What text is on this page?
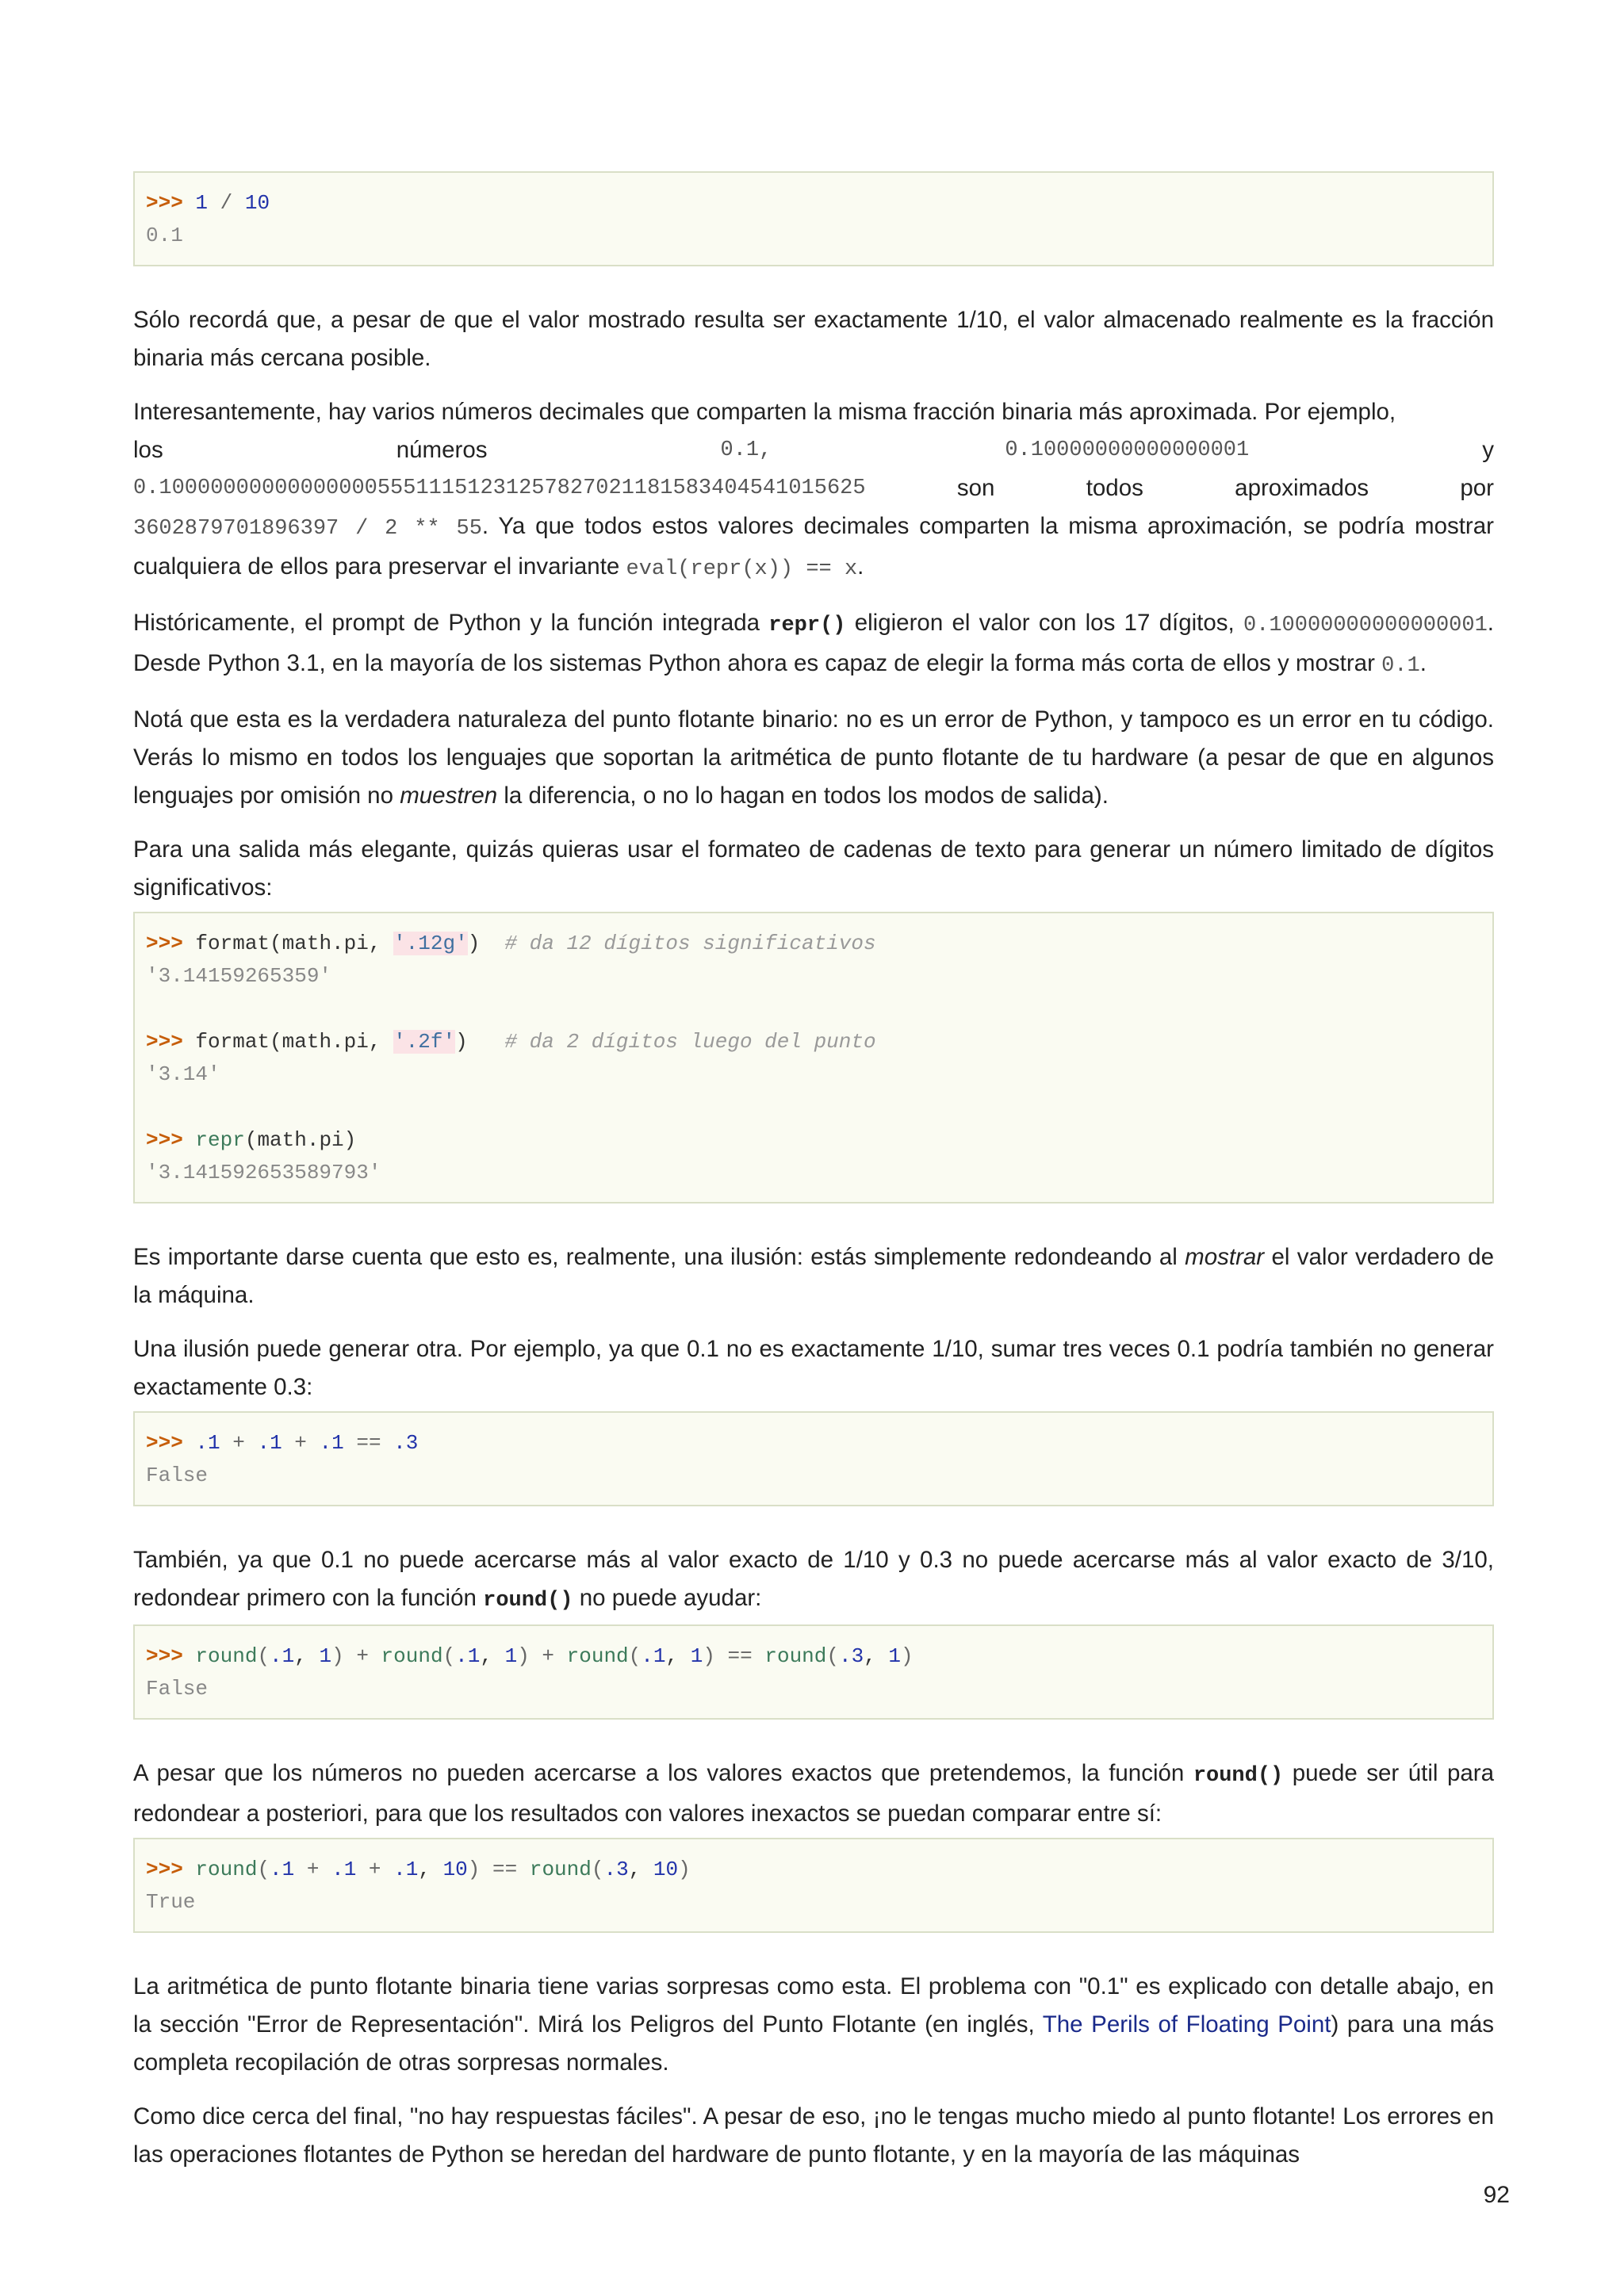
>>> 1 / 10
0.1

Sólo recordá que, a pesar de que el valor mostrado resulta ser exactamente 1/10, el valor almacenado realmente es la fracción binaria más cercana posible.

Interesantemente, hay varios números decimales que comparten la misma fracción binaria más aproximada. Por ejemplo,
los	números	0.1,	0.10000000000000001	y
0.1000000000000000055511151231257827021181583404541015625	son	todos	aproximados	por
3602879701896397 / 2 ** 55. Ya que todos estos valores decimales comparten la misma aproximación, se podría mostrar cualquiera de ellos para preservar el invariante eval(repr(x)) == x.

Históricamente, el prompt de Python y la función integrada repr() eligieron el valor con los 17 dígitos, 0.10000000000000001. Desde Python 3.1, en la mayoría de los sistemas Python ahora es capaz de elegir la forma más corta de ellos y mostrar 0.1.

Notá que esta es la verdadera naturaleza del punto flotante binario: no es un error de Python, y tampoco es un error en tu código. Verás lo mismo en todos los lenguajes que soportan la aritmética de punto flotante de tu hardware (a pesar de que en algunos lenguajes por omisión no muestren la diferencia, o no lo hagan en todos los modos de salida).

Para una salida más elegante, quizás quieras usar el formateo de cadenas de texto para generar un número limitado de dígitos significativos:

>>> format(math.pi, '.12g') # da 12 dígitos significativos
'3.14159265359'

>>> format(math.pi, '.2f') # da 2 dígitos luego del punto
'3.14'

>>> repr(math.pi)
'3.141592653589793'

Es importante darse cuenta que esto es, realmente, una ilusión: estás simplemente redondeando al mostrar el valor verdadero de la máquina.

Una ilusión puede generar otra. Por ejemplo, ya que 0.1 no es exactamente 1/10, sumar tres veces 0.1 podría también no generar exactamente 0.3:

>>> .1 + .1 + .1 == .3
False

También, ya que 0.1 no puede acercarse más al valor exacto de 1/10 y 0.3 no puede acercarse más al valor exacto de 3/10, redondear primero con la función round() no puede ayudar:

>>> round(.1, 1) + round(.1, 1) + round(.1, 1) == round(.3, 1)
False

A pesar que los números no pueden acercarse a los valores exactos que pretendemos, la función round() puede ser útil para redondear a posteriori, para que los resultados con valores inexactos se puedan comparar entre sí:

>>> round(.1 + .1 + .1, 10) == round(.3, 10)
True

La aritmética de punto flotante binaria tiene varias sorpresas como esta. El problema con "0.1" es explicado con detalle abajo, en la sección "Error de Representación". Mirá los Peligros del Punto Flotante (en inglés, The Perils of Floating Point) para una más completa recopilación de otras sorpresas normales.

Como dice cerca del final, "no hay respuestas fáciles". A pesar de eso, ¡no le tengas mucho miedo al punto flotante! Los errores en las operaciones flotantes de Python se heredan del hardware de punto flotante, y en la mayoría de las máquinas

92
